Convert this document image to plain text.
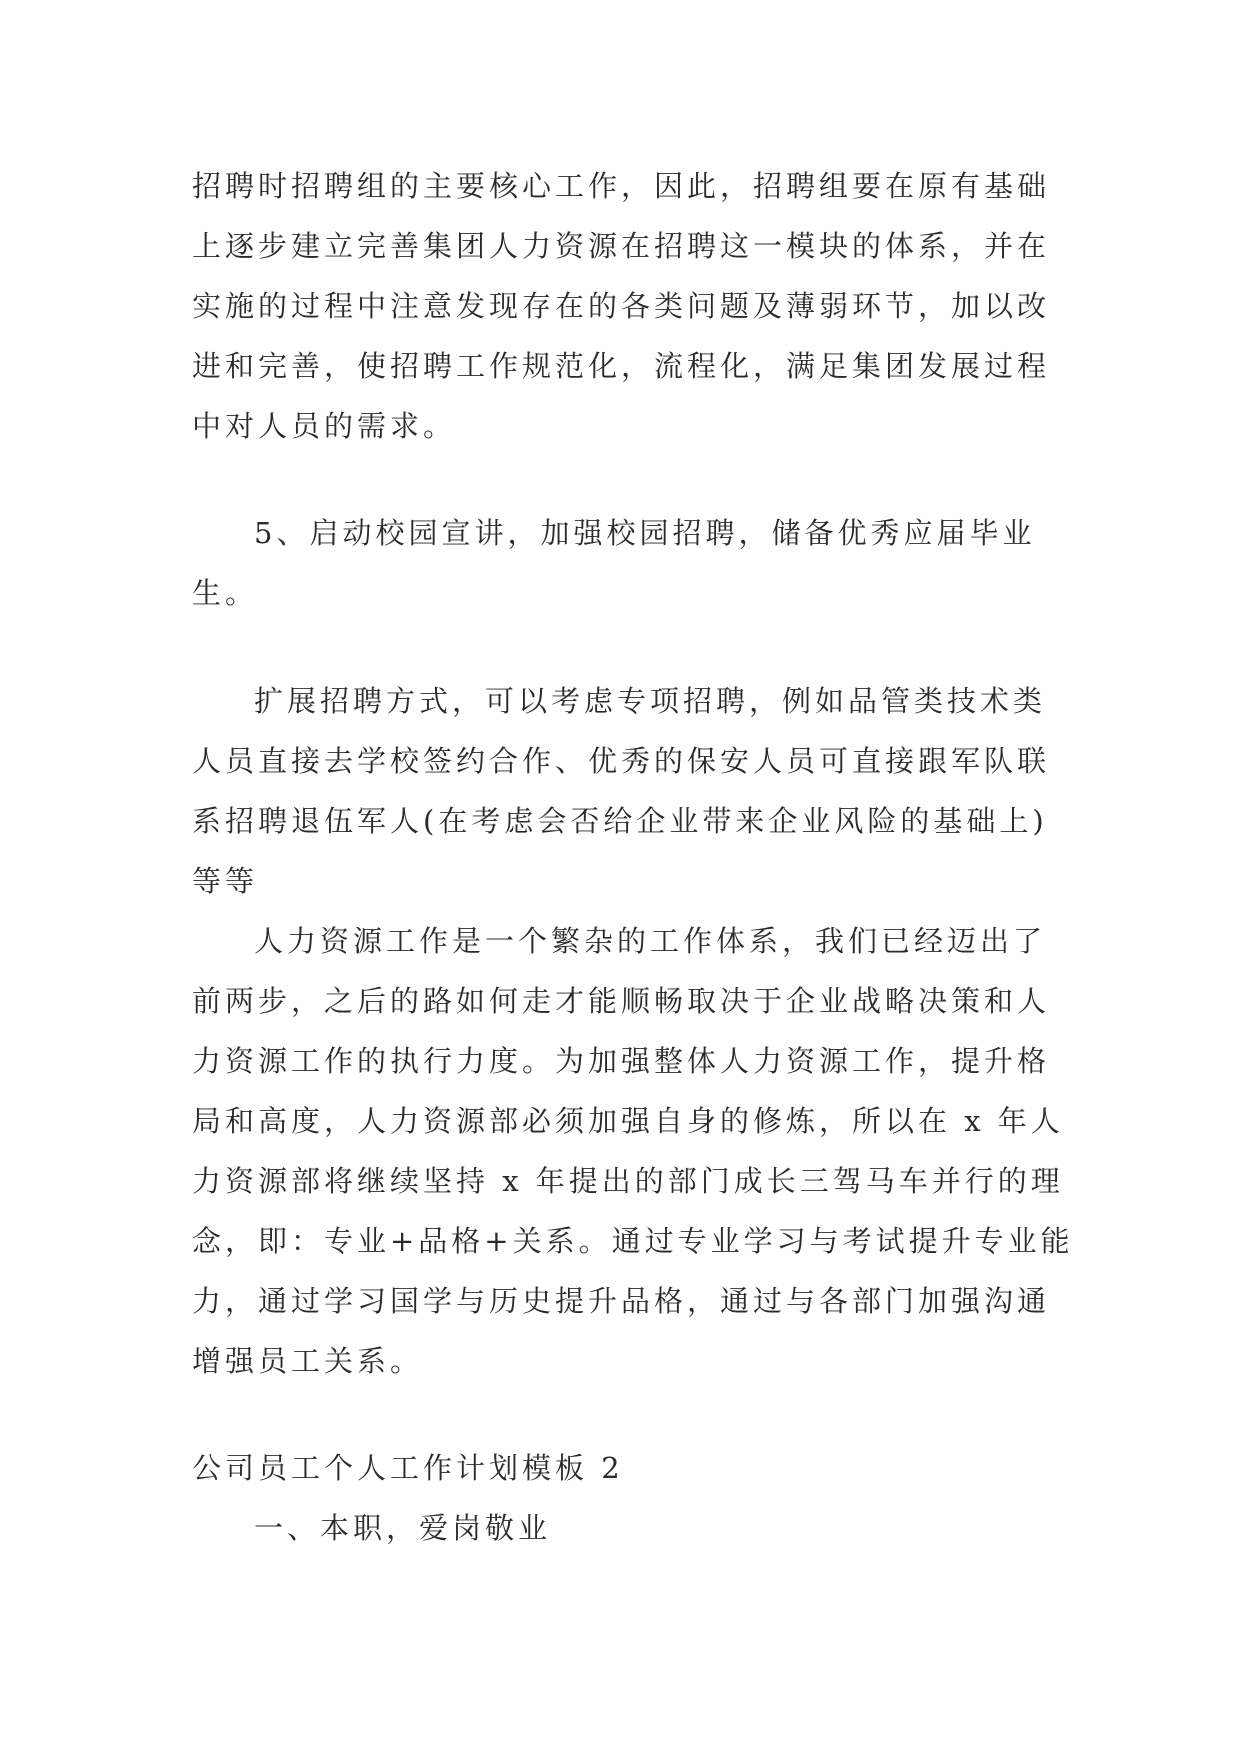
招聘时招聘组的主要核心工作，因此，招聘组要在原有基础
上逐步建立完善集团人力资源在招聘这一模块的体系，并在
实施的过程中注意发现存在的各类问题及薄弱环节，加以改
进和完善，使招聘工作规范化，流程化，满足集团发展过程
中对人员的需求。
5、启动校园宣讲，加强校园招聘，储备优秀应届毕业
生。
扩展招聘方式，可以考虑专项招聘，例如品管类技术类
人员直接去学校签约合作、优秀的保安人员可直接跟军队联
系招聘退伍军人(在考虑会否给企业带来企业风险的基础上)
等等
人力资源工作是一个繁杂的工作体系，我们已经迈出了
前两步，之后的路如何走才能顺畅取决于企业战略决策和人
力资源工作的执行力度。为加强整体人力资源工作，提升格
局和高度，人力资源部必须加强自身的修炼，所以在 x 年人
力资源部将继续坚持 x 年提出的部门成长三驾马车并行的理
念，即：专业+品格+关系。通过专业学习与考试提升专业能
力，通过学习国学与历史提升品格，通过与各部门加强沟通
增强员工关系。
公司员工个人工作计划模板 2
一、本职，爱岗敬业
